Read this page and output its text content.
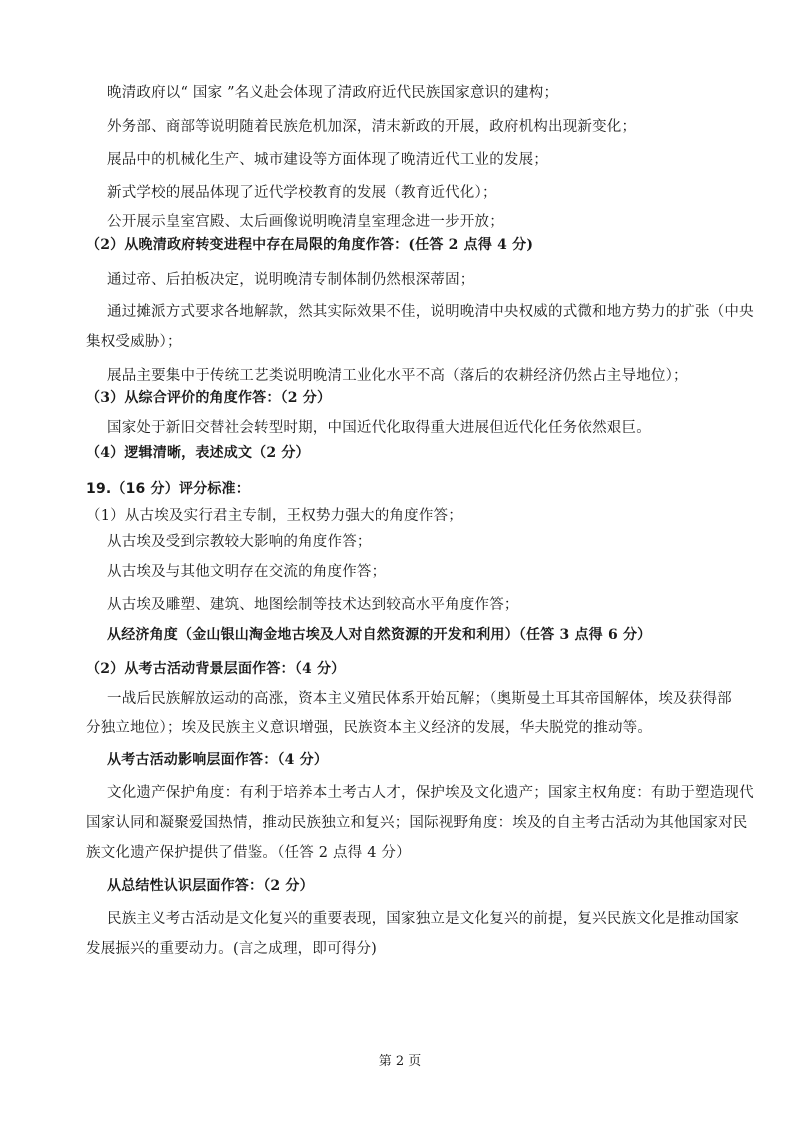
晚清政府以“ 国家 ”名义赴会体现了清政府近代民族国家意识的建构；
外务部、商部等说明随着民族危机加深，清末新政的开展，政府机构出现新变化；
展品中的机械化生产、城市建设等方面体现了晚清近代工业的发展；
新式学校的展品体现了近代学校教育的发展（教育近代化）；
公开展示皇室宫殿、太后画像说明晚清皇室理念进一步开放；
（2）从晚清政府转变进程中存在局限的角度作答：(任答 2 点得 4 分)
通过帝、后拍板决定，说明晚清专制体制仍然根深蒂固；
通过摊派方式要求各地解款，然其实际效果不佳，说明晚清中央权威的式微和地方势力的扩张（中央
集权受威胁）；
展品主要集中于传统工艺类说明晚清工业化水平不高（落后的农耕经济仍然占主导地位）；
（3）从综合评价的角度作答：（2 分）
国家处于新旧交替社会转型时期，中国近代化取得重大进展但近代化任务依然艰巨。
（4）逻辑清晰，表述成文（2 分）
19.（16 分）评分标准：
（1）从古埃及实行君主专制，王权势力强大的角度作答；
从古埃及受到宗教较大影响的角度作答；
从古埃及与其他文明存在交流的角度作答；
从古埃及雕塑、建筑、地图绘制等技术达到较高水平角度作答；
从经济角度（金山银山淘金地古埃及人对自然资源的开发和利用）（任答 3 点得 6 分）
（2）从考古活动背景层面作答：（4 分）
一战后民族解放运动的高涨，资本主义殖民体系开始瓦解；（奥斯曼土耳其帝国解体，埃及获得部
分独立地位）；埃及民族主义意识增强，民族资本主义经济的发展，华夫脱党的推动等。
从考古活动影响层面作答：（4 分）
文化遗产保护角度：有利于培养本土考古人才，保护埃及文化遗产；国家主权角度：有助于塑造现代
国家认同和凝聚爱国热情，推动民族独立和复兴；国际视野角度：埃及的自主考古活动为其他国家对民
族文化遗产保护提供了借鉴。（任答 2 点得 4 分）
从总结性认识层面作答：（2 分）
民族主义考古活动是文化复兴的重要表现，国家独立是文化复兴的前提，复兴民族文化是推动国家
发展振兴的重要动力。(言之成理，即可得分)
第 2 页
